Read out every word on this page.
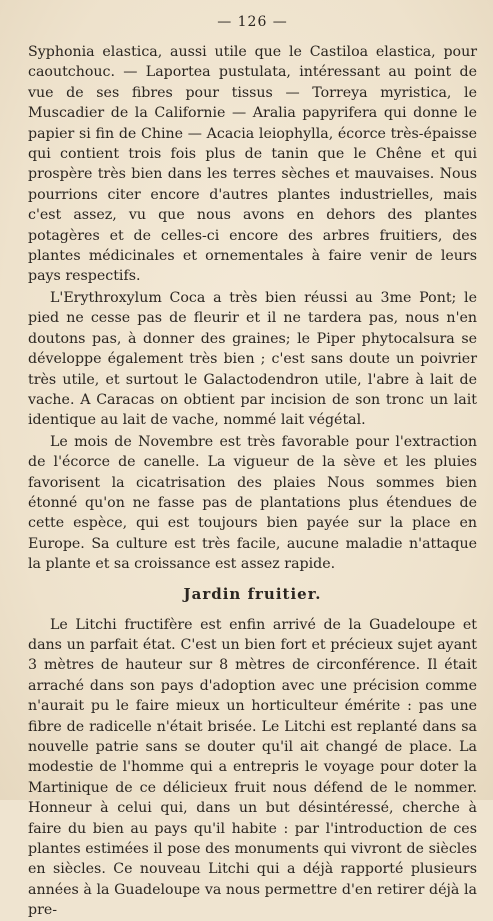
— 126 —

Syphonia elastica, aussi utile que le Castiloa elastica, pour caoutchouc. — Laportea pustulata, intéressant au point de vue de ses fibres pour tissus — Torreya myristica, le Muscadier de la Californie — Aralia papyrifera qui donne le papier si fin de Chine — Acacia leiophylla, écorce très-épaisse qui contient trois fois plus de tanin que le Chêne et qui prospère très bien dans les terres sèches et mauvaises. Nous pourrions citer encore d'autres plantes industrielles, mais c'est assez, vu que nous avons en dehors des plantes potagères et de celles-ci encore des arbres fruitiers, des plantes médicinales et ornementales à faire venir de leurs pays respectifs.

L'Erythroxylum Coca a très bien réussi au 3me Pont; le pied ne cesse pas de fleurir et il ne tardera pas, nous n'en doutons pas, à donner des graines; le Piper phytocalsura se développe également très bien ; c'est sans doute un poivrier très utile, et surtout le Galactodendron utile, l'abre à lait de vache. A Caracas on obtient par incision de son tronc un lait identique au lait de vache, nommé lait végétal.

Le mois de Novembre est très favorable pour l'extraction de l'écorce de canelle. La vigueur de la sève et les pluies favorisent la cicatrisation des plaies Nous sommes bien étonné qu'on ne fasse pas de plantations plus étendues de cette espèce, qui est toujours bien payée sur la place en Europe. Sa culture est très facile, aucune maladie n'attaque la plante et sa croissance est assez rapide.

Jardin fruitier.

Le Litchi fructifère est enfin arrivé de la Guadeloupe et dans un parfait état. C'est un bien fort et précieux sujet ayant 3 mètres de hauteur sur 8 mètres de circonférence. Il était arraché dans son pays d'adoption avec une précision comme n'aurait pu le faire mieux un horticulteur émérite : pas une fibre de radicelle n'était brisée. Le Litchi est replanté dans sa nouvelle patrie sans se douter qu'il ait changé de place. La modestie de l'homme qui a entrepris le voyage pour doter la Martinique de ce délicieux fruit nous défend de le nommer. Honneur à celui qui, dans un but désintéressé, cherche à faire du bien au pays qu'il habite : par l'introduction de ces plantes estimées il pose des monuments qui vivront de siècles en siècles. Ce nouveau Litchi qui a déjà rapporté plusieurs années à la Guadeloupe va nous permettre d'en retirer déjà la pre-
